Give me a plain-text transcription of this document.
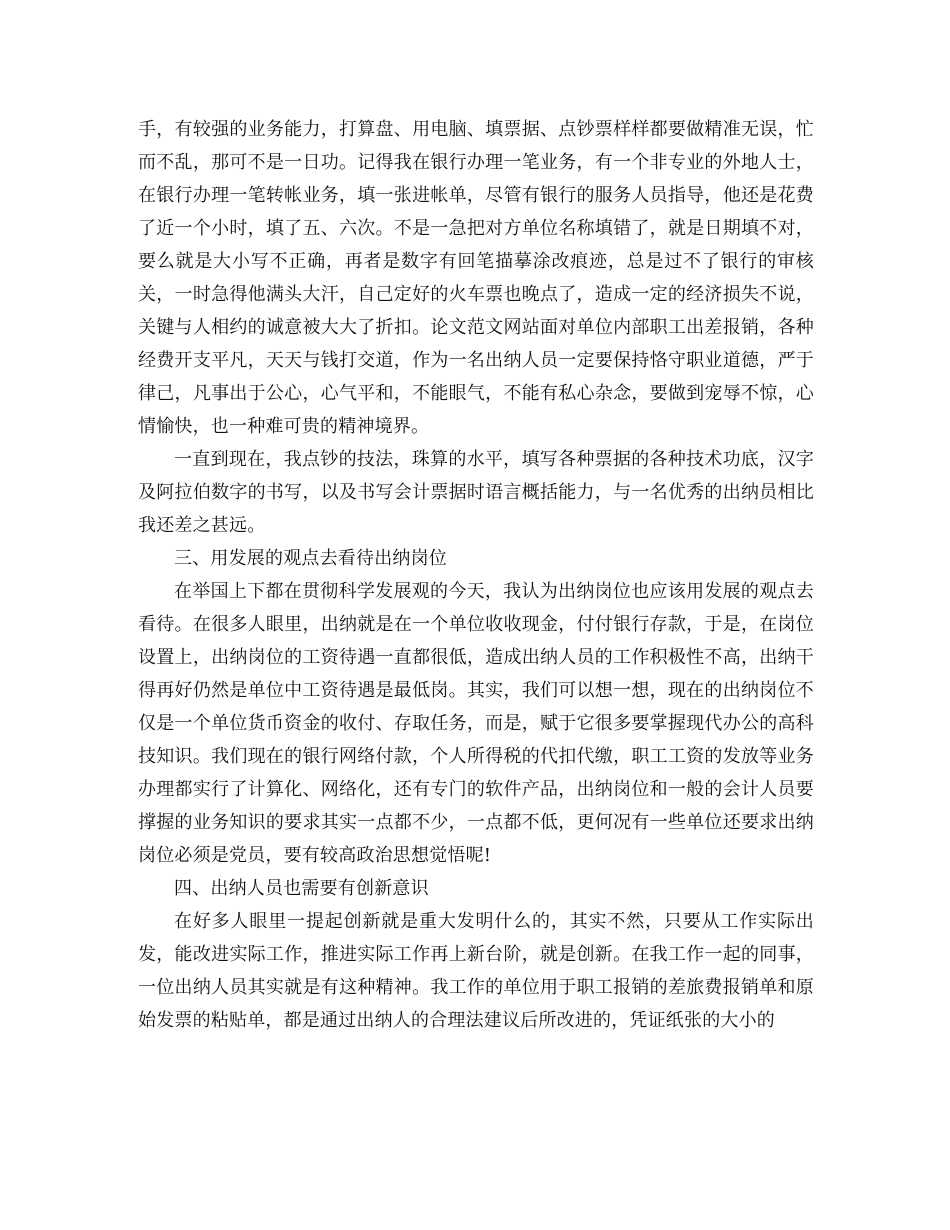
手，有较强的业务能力，打算盘、用电脑、填票据、点钞票样样都要做精准无误，忙而不乱，那可不是一日功。记得我在银行办理一笔业务，有一个非专业的外地人士，在银行办理一笔转帐业务，填一张进帐单，尽管有银行的服务人员指导，他还是花费了近一个小时，填了五、六次。不是一急把对方单位名称填错了，就是日期填不对，要么就是大小写不正确，再者是数字有回笔描摹涂改痕迹，总是过不了银行的审核关，一时急得他满头大汗，自己定好的火车票也晚点了，造成一定的经济损失不说，关键与人相约的诚意被大大了折扣。论文范文网站面对单位内部职工出差报销，各种经费开支平凡，天天与钱打交道，作为一名出纳人员一定要保持恪守职业道德，严于律己，凡事出于公心，心气平和，不能眼气，不能有私心杂念，要做到宠辱不惊，心情愉快，也一种难可贵的精神境界。

一直到现在，我点钞的技法，珠算的水平，填写各种票据的各种技术功底，汉字及阿拉伯数字的书写，以及书写会计票据时语言概括能力，与一名优秀的出纳员相比我还差之甚远。

三、用发展的观点去看待出纳岗位

在举国上下都在贯彻科学发展观的今天，我认为出纳岗位也应该用发展的观点去看待。在很多人眼里，出纳就是在一个单位收收现金，付付银行存款，于是，在岗位设置上，出纳岗位的工资待遇一直都很低，造成出纳人员的工作积极性不高，出纳干得再好仍然是单位中工资待遇是最低岗。其实，我们可以想一想，现在的出纳岗位不仅是一个单位货币资金的收付、存取任务，而是，赋于它很多要掌握现代办公的高科技知识。我们现在的银行网络付款，个人所得税的代扣代缴，职工工资的发放等业务办理都实行了计算化、网络化，还有专门的软件产品，出纳岗位和一般的会计人员要撑握的业务知识的要求其实一点都不少，一点都不低，更何况有一些单位还要求出纳岗位必须是党员，要有较高政治思想觉悟呢!

四、出纳人员也需要有创新意识

在好多人眼里一提起创新就是重大发明什么的，其实不然，只要从工作实际出发，能改进实际工作，推进实际工作再上新台阶，就是创新。在我工作一起的同事，一位出纳人员其实就是有这种精神。我工作的单位用于职工报销的差旅费报销单和原始发票的粘贴单，都是通过出纳人的合理法建议后所改进的，凭证纸张的大小的
